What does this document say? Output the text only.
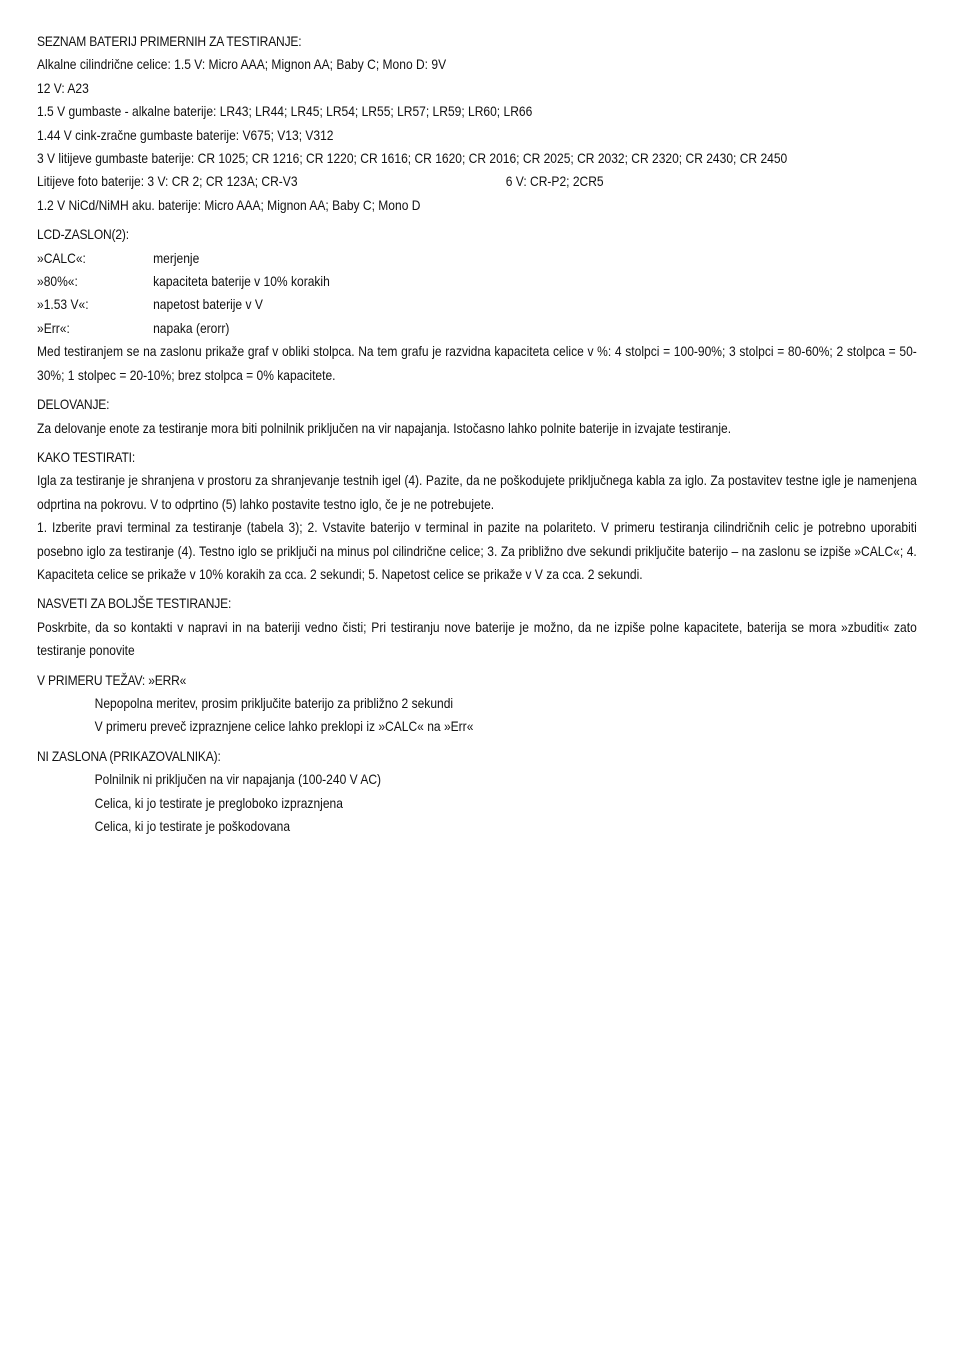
SEZNAM BATERIJ PRIMERNIH ZA TESTIRANJE:

Alkalne cilindrične celice: 1.5 V: Micro AAA; Mignon AA; Baby C; Mono D: 9V

12 V: A23

1.5 V gumbaste - alkalne baterije: LR43; LR44; LR45; LR54; LR55; LR57; LR59; LR60; LR66

1.44 V cink-zračne gumbaste baterije: V675; V13; V312

3 V litijeve gumbaste baterije: CR 1025; CR 1216; CR 1220; CR 1616; CR 1620; CR 2016; CR 2025; CR 2032; CR 2320; CR 2430; CR 2450

Litijeve foto baterije: 3 V: CR 2; CR 123A; CR-V3	6 V: CR-P2; 2CR5

1.2 V NiCd/NiMH aku. baterije: Micro AAA; Mignon AA; Baby C; Mono D

LCD-ZASLON(2):
»CALC«:	merjenje
»80%«:	kapaciteta baterije v 10% korakih
»1.53 V«:	napetost baterije v V
»Err«:	napaka (erorr)

Med testiranjem se na zaslonu prikaže graf v obliki stolpca. Na tem grafu je razvidna kapaciteta celice v %: 4 stolpci = 100-90%; 3 stolpci = 80-60%; 2 stolpca = 50-30%; 1 stolpec = 20-10%; brez stolpca = 0% kapacitete.

DELOVANJE:

Za delovanje enote za testiranje mora biti polnilnik priključen na vir napajanja. Istočasno lahko polnite baterije in izvajate testiranje.

KAKO TESTIRATI:

Igla za testiranje je shranjena v prostoru za shranjevanje testnih igel (4). Pazite, da ne poškodujete priključnega kabla za iglo. Za postavitev testne igle je namenjena odprtina na pokrovu. V to odprtino (5) lahko postavite testno iglo, če je ne potrebujete.

1. Izberite pravi terminal za testiranje (tabela 3); 2. Vstavite baterijo v terminal in pazite na polariteto. V primeru testiranja cilindričnih celic je potrebno uporabiti posebno iglo za testiranje (4). Testno iglo se priključi na minus pol cilindrične celice; 3. Za približno dve sekundi priključite baterijo – na zaslonu se izpiše »CALC«; 4. Kapaciteta celice se prikaže v 10% korakih za cca. 2 sekundi; 5. Napetost celice se prikaže v V za cca. 2 sekundi.

NASVETI ZA BOLJŠE TESTIRANJE:

Poskrbite, da so kontakti v napravi in na bateriji vedno čisti; Pri testiranju nove baterije je možno, da ne izpiše polne kapacitete, baterija se mora »zbuditi« zato testiranje ponovite

V PRIMERU TEŽAV: »ERR«

Nepopolna meritev, prosim priključite baterijo za približno 2 sekundi

V primeru prevеč izpraznjene celice lahko preklopi iz »CALC« na »Err«

NI ZASLONA (PRIKAZOVALNIKA):

Polnilnik ni priključen na vir napajanja (100-240 V AC)

Celica, ki jo testirate je pregloboko izpraznjena

Celica, ki jo testirate je poškodovana
